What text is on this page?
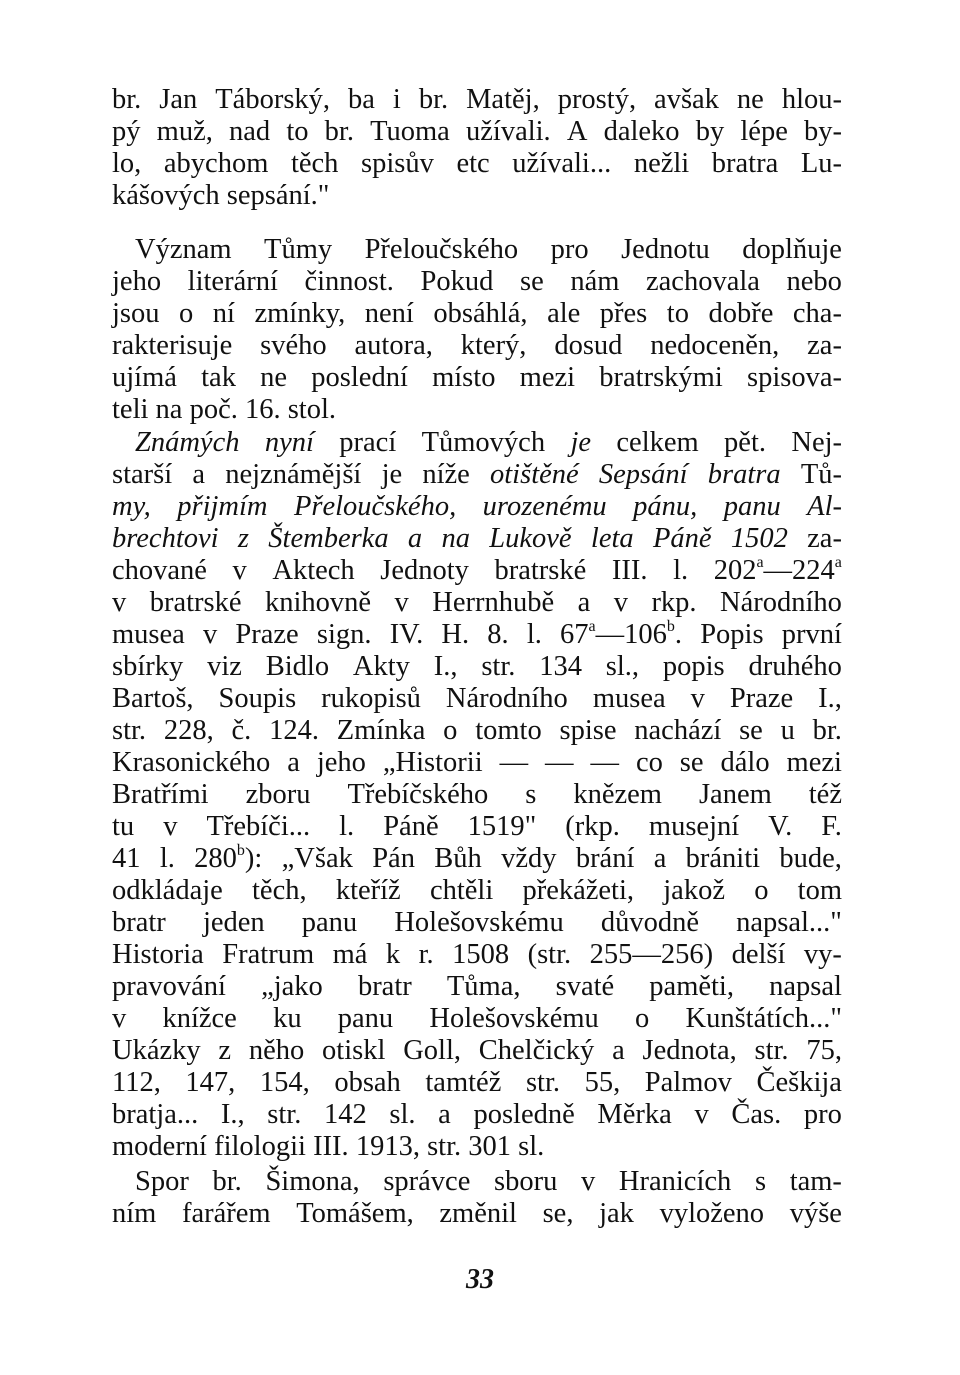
br. Jan Táborský, ba i br. Matěj, prostý, avšak ne hlou-
pý muž, nad to br. Tuoma užívali. A daleko by lépe by-
lo, abychom těch spisův etc užívali... nežli bratra Lu-
kášových sepsání."
Význam Tůmy Přeloučského pro Jednotu doplňuje
jeho literární činnost. Pokud se nám zachovala nebo
jsou o ní zmínky, není obsáhlá, ale přes to dobře cha-
rakterisuje svého autora, který, dosud nedoceněn, za-
ujímá tak ne poslední místo mezi bratrskými spisova-
teli na poč. 16. stol.
Známých nyní prací Tůmových je celkem pět. Nej-
starší a nejznámější je níže otištěné Sepsání bratra Tů-
my, přijmím Přeloučského, urozenému pánu, panu Al-
brechtovi z Štemberka a na Lukově leta Páně 1502 za-
chované v Aktech Jednoty bratrské III. l. 202$^a$—224$^a$
v bratrské knihovně v Herrnhubě a v rkp. Národního
musea v Praze sign. IV. H. 8. l. 67$^a$—106$^b$. Popis první
sbírky viz Bidlo Akty I., str. 134 sl., popis druhého
Bartoš, Soupis rukopisů Národního musea v Praze I.,
str. 228, č. 124. Zmínka o tomto spise nachází se u br.
Krasonického a jeho „Historii — — — co se dálo mezi
Bratřími zboru Třebíčského s knězem Janem též
tu v Třebíči... l. Páně 1519" (rkp. musejní V. F.
41 l. 280$^b$): „Však Pán Bůh vždy brání a brániti bude,
odkládaje těch, kteříž chtěli překážeti, jakož o tom
bratr jeden panu Holešovskému důvodně napsal..."
Historia Fratrum má k r. 1508 (str. 255—256) delší vy-
pravování „jako bratr Tůma, svaté paměti, napsal
v knížce ku panu Holešovskému o Kunštátích..."
Ukázky z něho otiskl Goll, Chelčický a Jednota, str. 75,
112, 147, 154, obsah tamtéž str. 55, Palmov Češkija
bratja... I., str. 142 sl. a posledně Měrka v Čas. pro
moderní filologii III. 1913, str. 301 sl.
Spor br. Šimona, správce sboru v Hranicích s tam-
ním farářem Tomášem, změnil se, jak vyloženo výše
33
